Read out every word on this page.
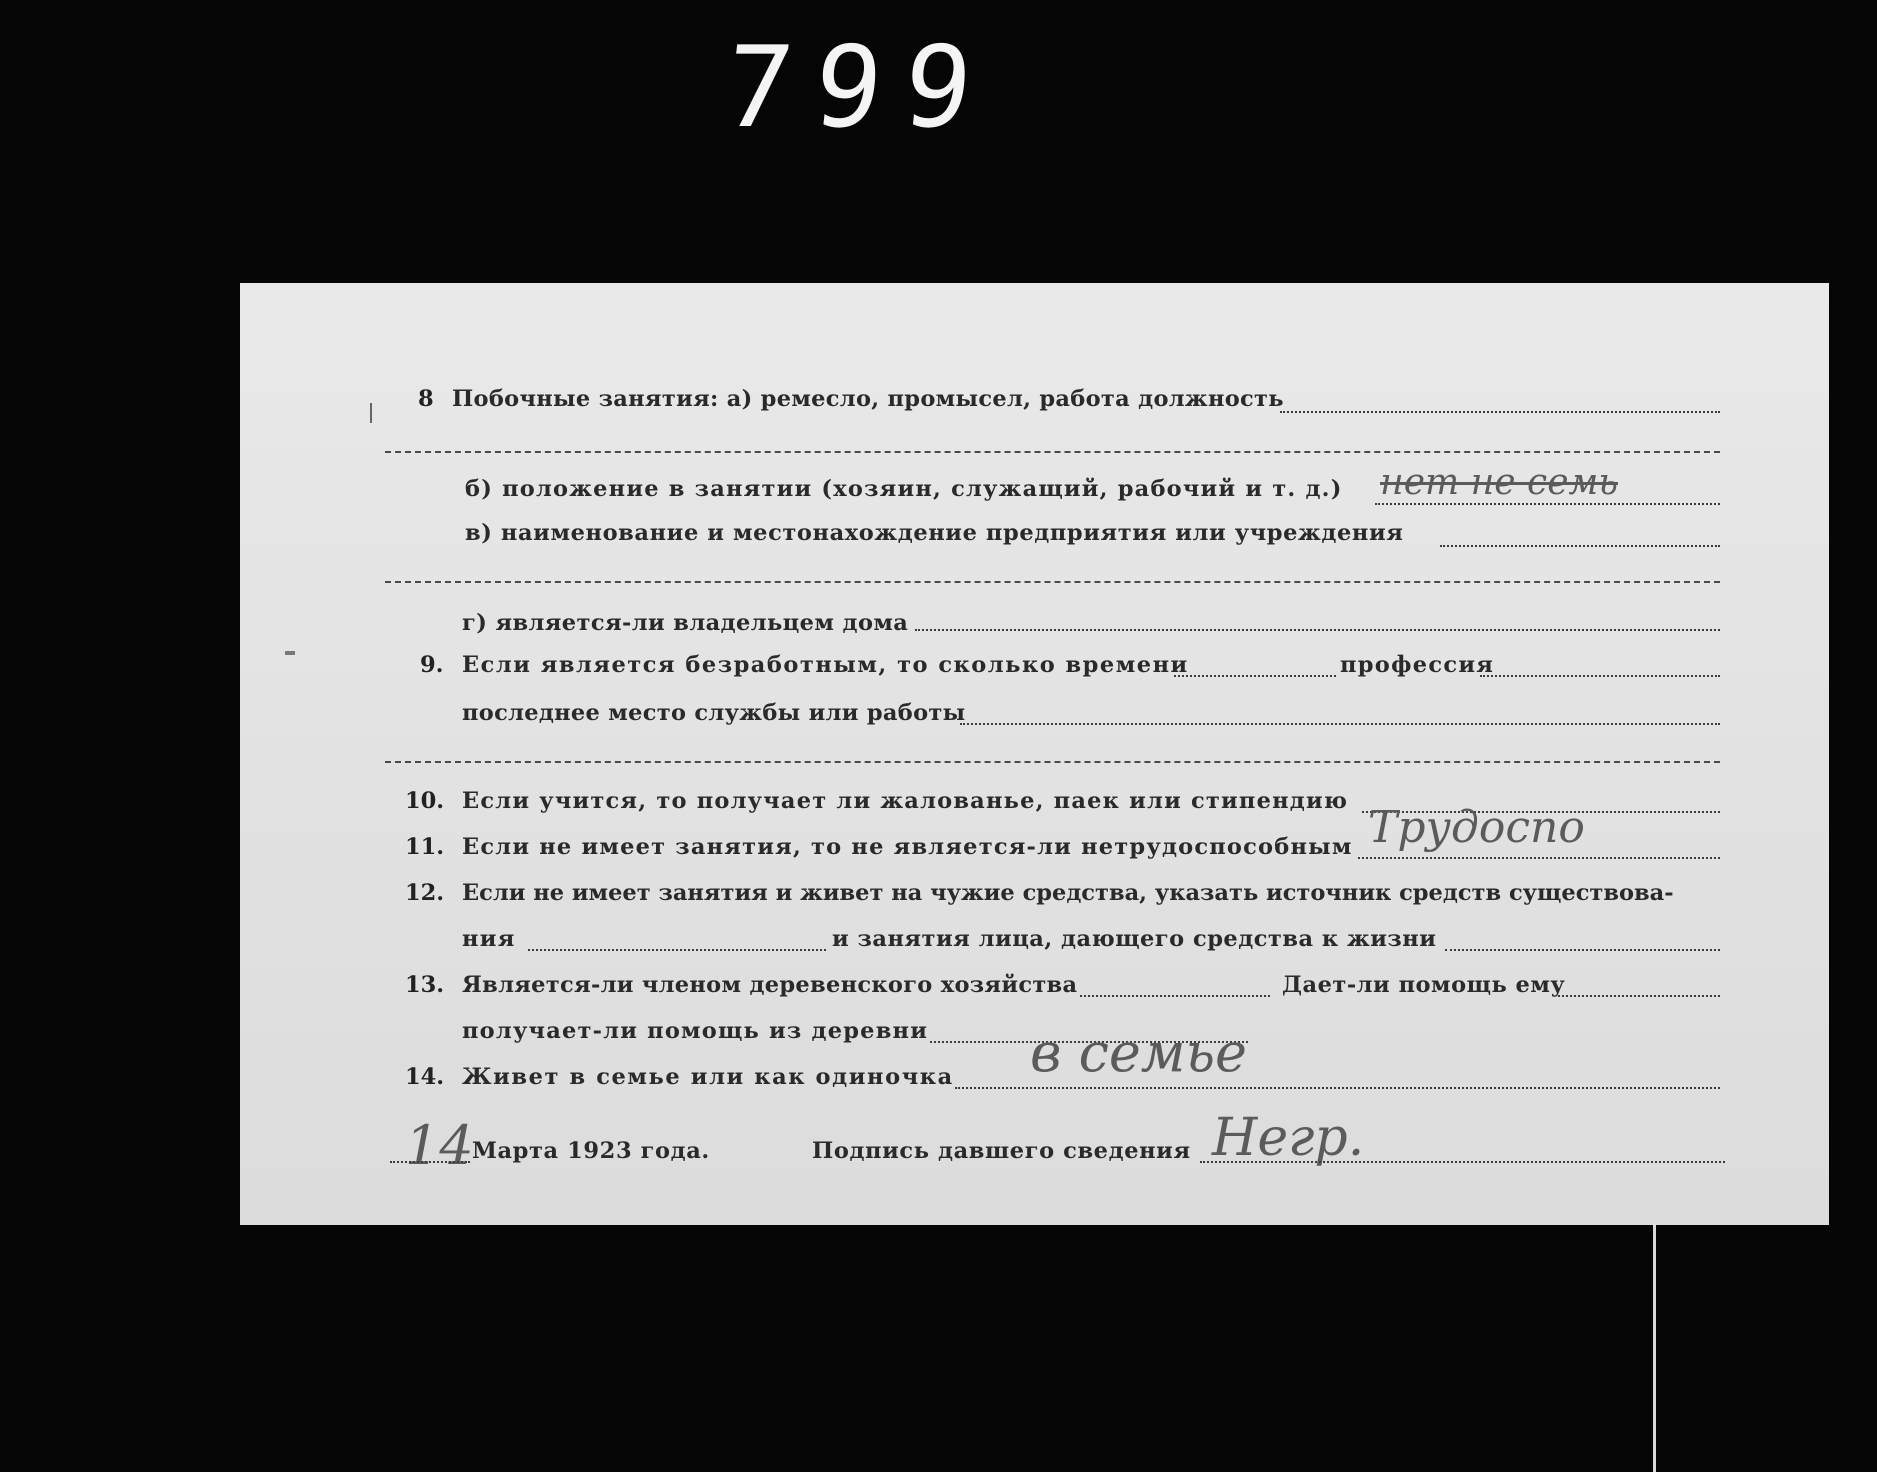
799
8 Побочные занятия: а) ремесло, промысел, работа должность
б) положение в занятии (хозяин, служащий, рабочий и т. д.) нет не семь
в) наименование и местонахождение предприятия или учреждения
г) является-ли владельцем дома
9. Если является безработным, то сколько времени	профессия
последнее место службы или работы
10. Если учится, то получает ли жалованье, паек или стипендию
11. Если не имеет занятия, то не является-ли нетрудоспособным Трудоспо
12. Если не имеет занятия и живет на чужие средства, указать источник средств существова-
ния	и занятия лица, дающего средства к жизни
13. Является-ли членом деревенского хозяйства	Дает-ли помощь ему
получает-ли помощь из деревни
14. Живет в семье или как одиночка в семье
14
Марта 1923 года.	Подпись давшего сведения Негр.
